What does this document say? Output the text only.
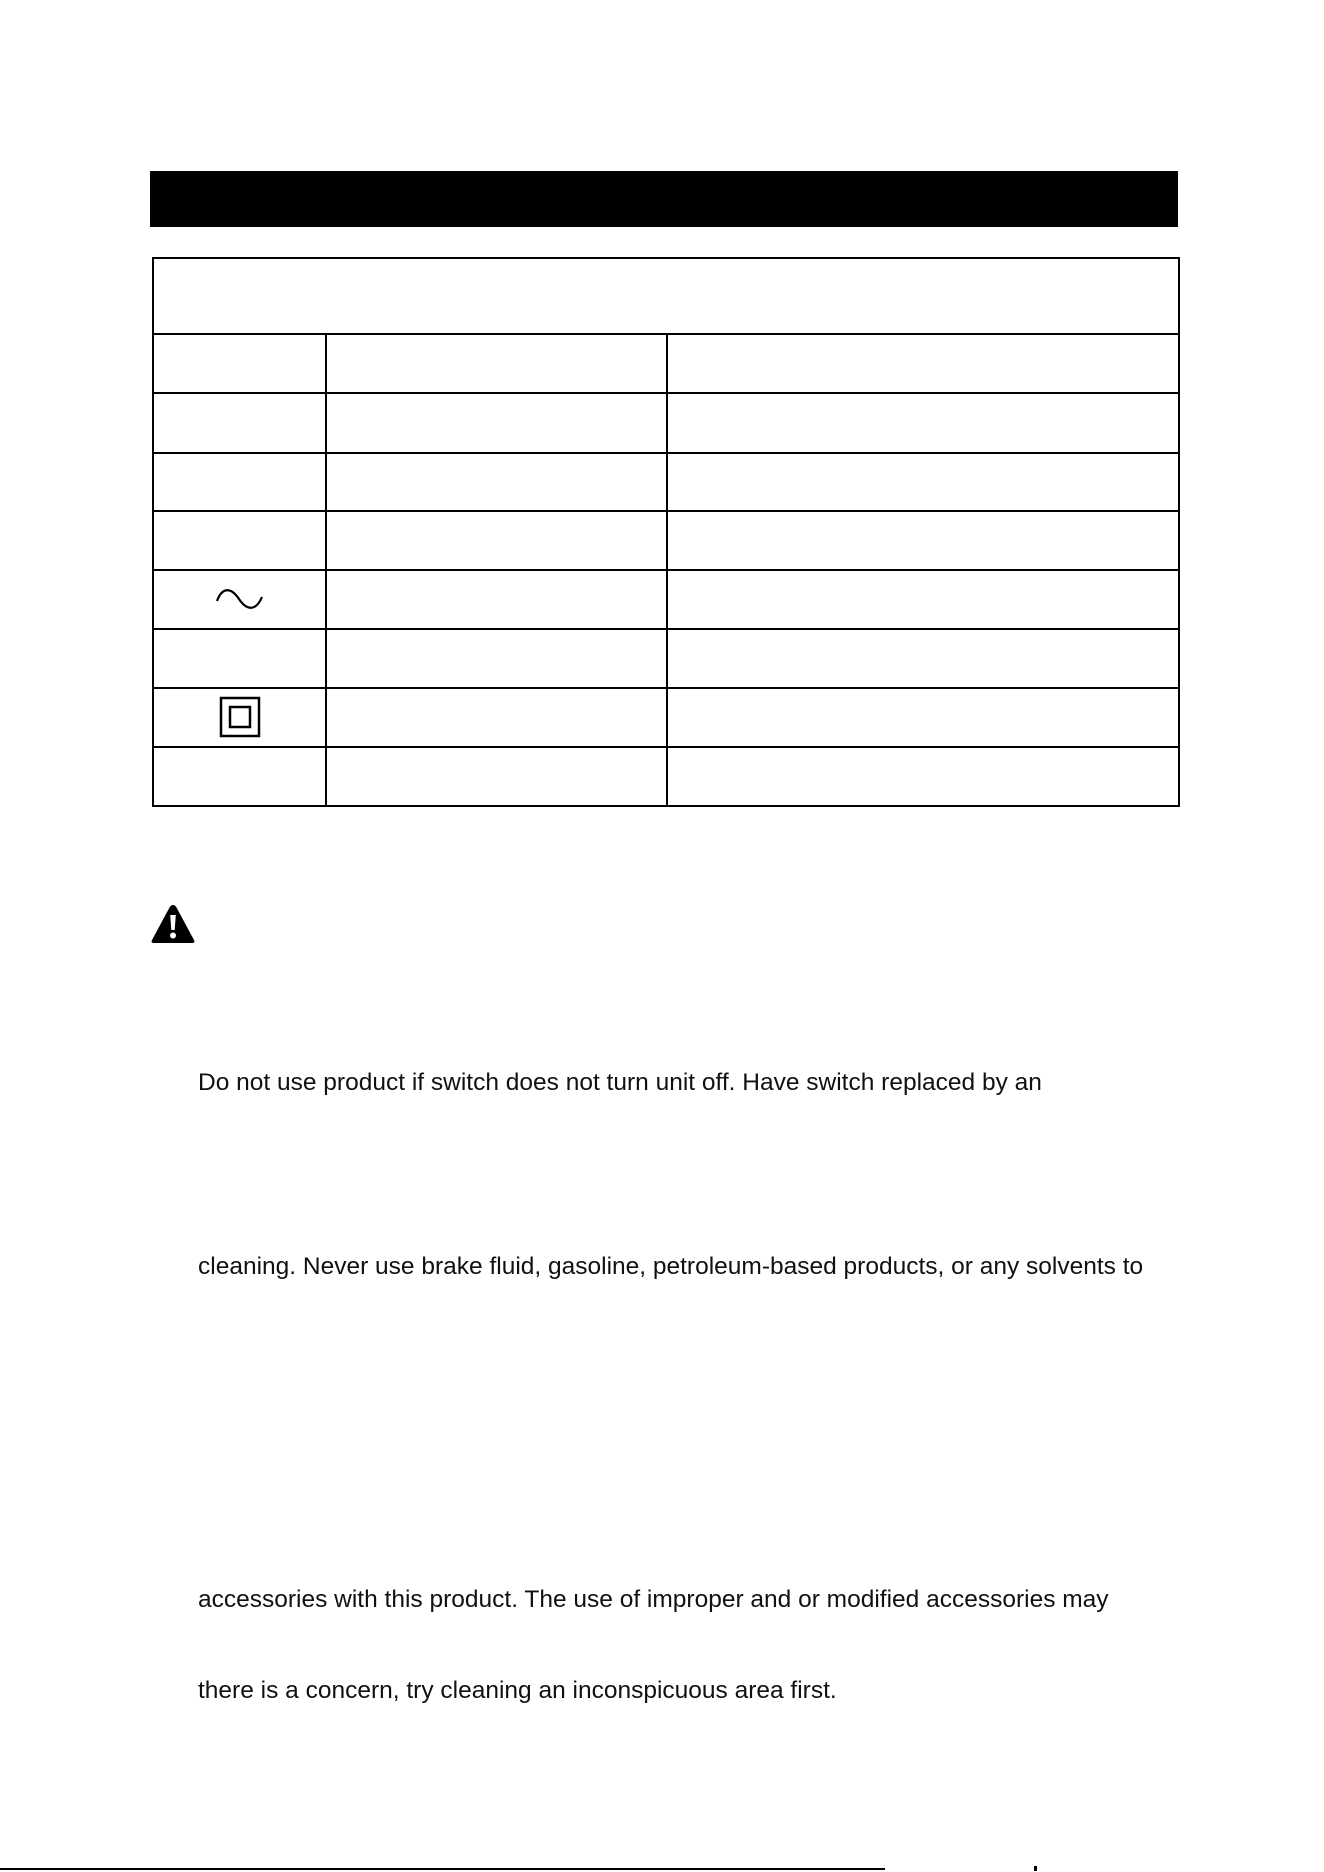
Do not use product if switch does not turn unit off. Have switch replaced by an
cleaning. Never use brake fluid, gasoline, petroleum-based products, or any solvents to
accessories with this product. The use of improper and or modified accessories may
there is a concern, try cleaning an inconspicuous area first.
